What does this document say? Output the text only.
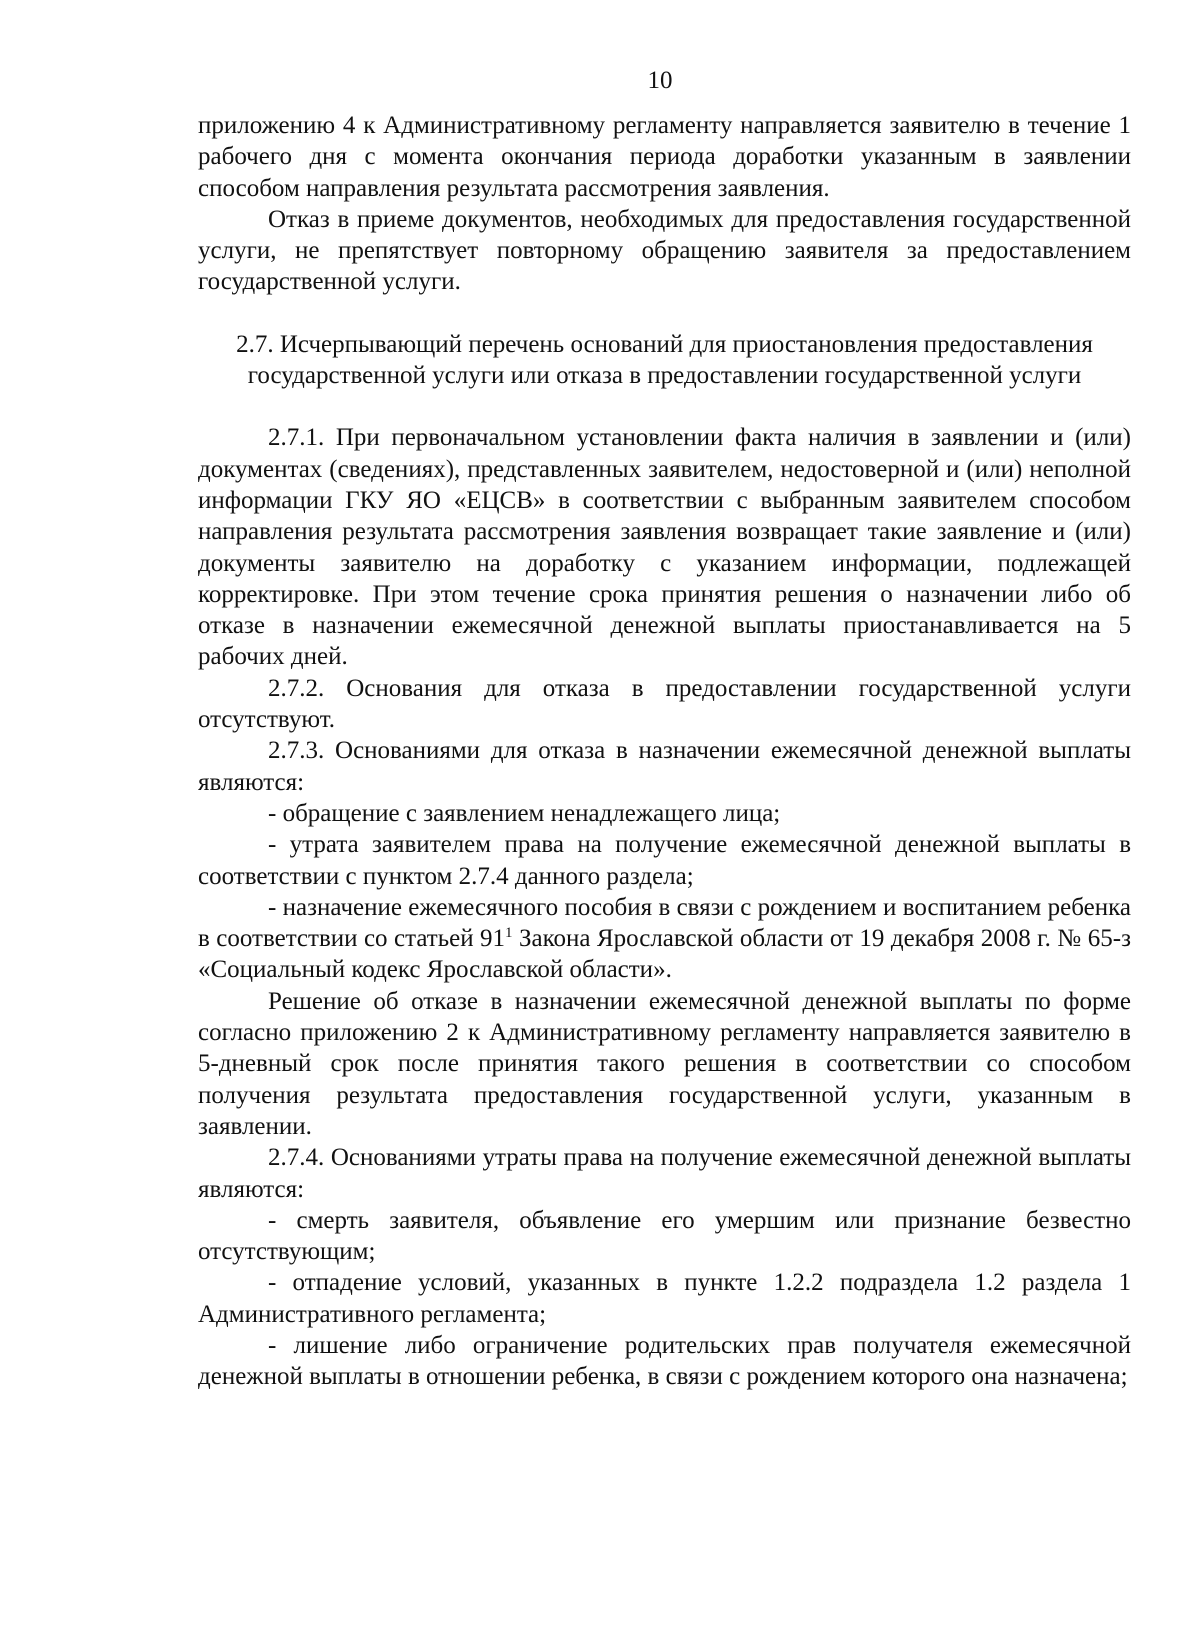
10

приложению 4 к Административному регламенту направляется заявителю в течение 1 рабочего дня с момента окончания периода доработки указанным в заявлении способом направления результата рассмотрения заявления.

Отказ в приеме документов, необходимых для предоставления государственной услуги, не препятствует повторному обращению заявителя за предоставлением государственной услуги.

2.7. Исчерпывающий перечень оснований для приостановления предоставления государственной услуги или отказа в предоставлении государственной услуги

2.7.1. При первоначальном установлении факта наличия в заявлении и (или) документах (сведениях), представленных заявителем, недостоверной и (или) неполной информации ГКУ ЯО «ЕЦСВ» в соответствии с выбранным заявителем способом направления результата рассмотрения заявления возвращает такие заявление и (или) документы заявителю на доработку с указанием информации, подлежащей корректировке. При этом течение срока принятия решения о назначении либо об отказе в назначении ежемесячной денежной выплаты приостанавливается на 5 рабочих дней.

2.7.2. Основания для отказа в предоставлении государственной услуги отсутствуют.

2.7.3. Основаниями для отказа в назначении ежемесячной денежной выплаты являются:

- обращение с заявлением ненадлежащего лица;

- утрата заявителем права на получение ежемесячной денежной выплаты в соответствии с пунктом 2.7.4 данного раздела;

- назначение ежемесячного пособия в связи с рождением и воспитанием ребенка в соответствии со статьей $91^1$ Закона Ярославской области от 19 декабря 2008 г. № 65-з «Социальный кодекс Ярославской области».

Решение об отказе в назначении ежемесячной денежной выплаты по форме согласно приложению 2 к Административному регламенту направляется заявителю в 5-дневный срок после принятия такого решения в соответствии со способом получения результата предоставления государственной услуги, указанным в заявлении.

2.7.4. Основаниями утраты права на получение ежемесячной денежной выплаты являются:

- смерть заявителя, объявление его умершим или признание безвестно отсутствующим;

- отпадение условий, указанных в пункте 1.2.2 подраздела 1.2 раздела 1 Административного регламента;

- лишение либо ограничение родительских прав получателя ежемесячной денежной выплаты в отношении ребенка, в связи с рождением которого она назначена;
